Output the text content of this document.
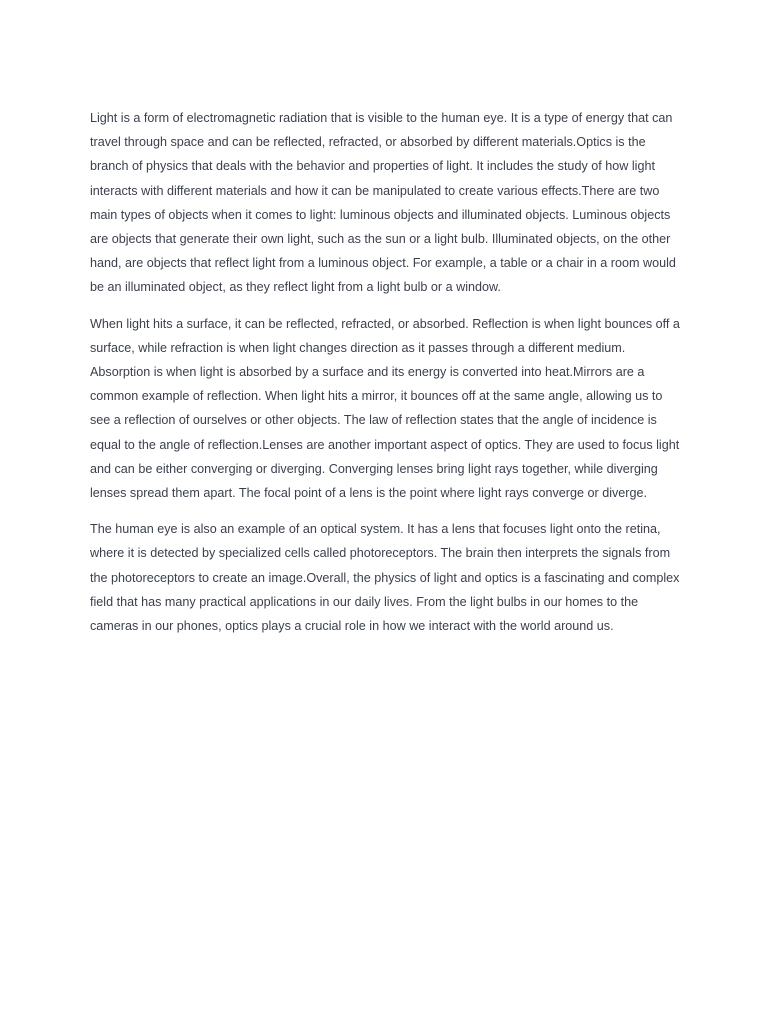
Light is a form of electromagnetic radiation that is visible to the human eye. It is a type of energy that can travel through space and can be reflected, refracted, or absorbed by different materials.Optics is the branch of physics that deals with the behavior and properties of light. It includes the study of how light interacts with different materials and how it can be manipulated to create various effects.There are two main types of objects when it comes to light: luminous objects and illuminated objects. Luminous objects are objects that generate their own light, such as the sun or a light bulb. Illuminated objects, on the other hand, are objects that reflect light from a luminous object. For example, a table or a chair in a room would be an illuminated object, as they reflect light from a light bulb or a window.

When light hits a surface, it can be reflected, refracted, or absorbed. Reflection is when light bounces off a surface, while refraction is when light changes direction as it passes through a different medium. Absorption is when light is absorbed by a surface and its energy is converted into heat.Mirrors are a common example of reflection. When light hits a mirror, it bounces off at the same angle, allowing us to see a reflection of ourselves or other objects. The law of reflection states that the angle of incidence is equal to the angle of reflection.Lenses are another important aspect of optics. They are used to focus light and can be either converging or diverging. Converging lenses bring light rays together, while diverging lenses spread them apart. The focal point of a lens is the point where light rays converge or diverge.

The human eye is also an example of an optical system. It has a lens that focuses light onto the retina, where it is detected by specialized cells called photoreceptors. The brain then interprets the signals from the photoreceptors to create an image.Overall, the physics of light and optics is a fascinating and complex field that has many practical applications in our daily lives. From the light bulbs in our homes to the cameras in our phones, optics plays a crucial role in how we interact with the world around us.
